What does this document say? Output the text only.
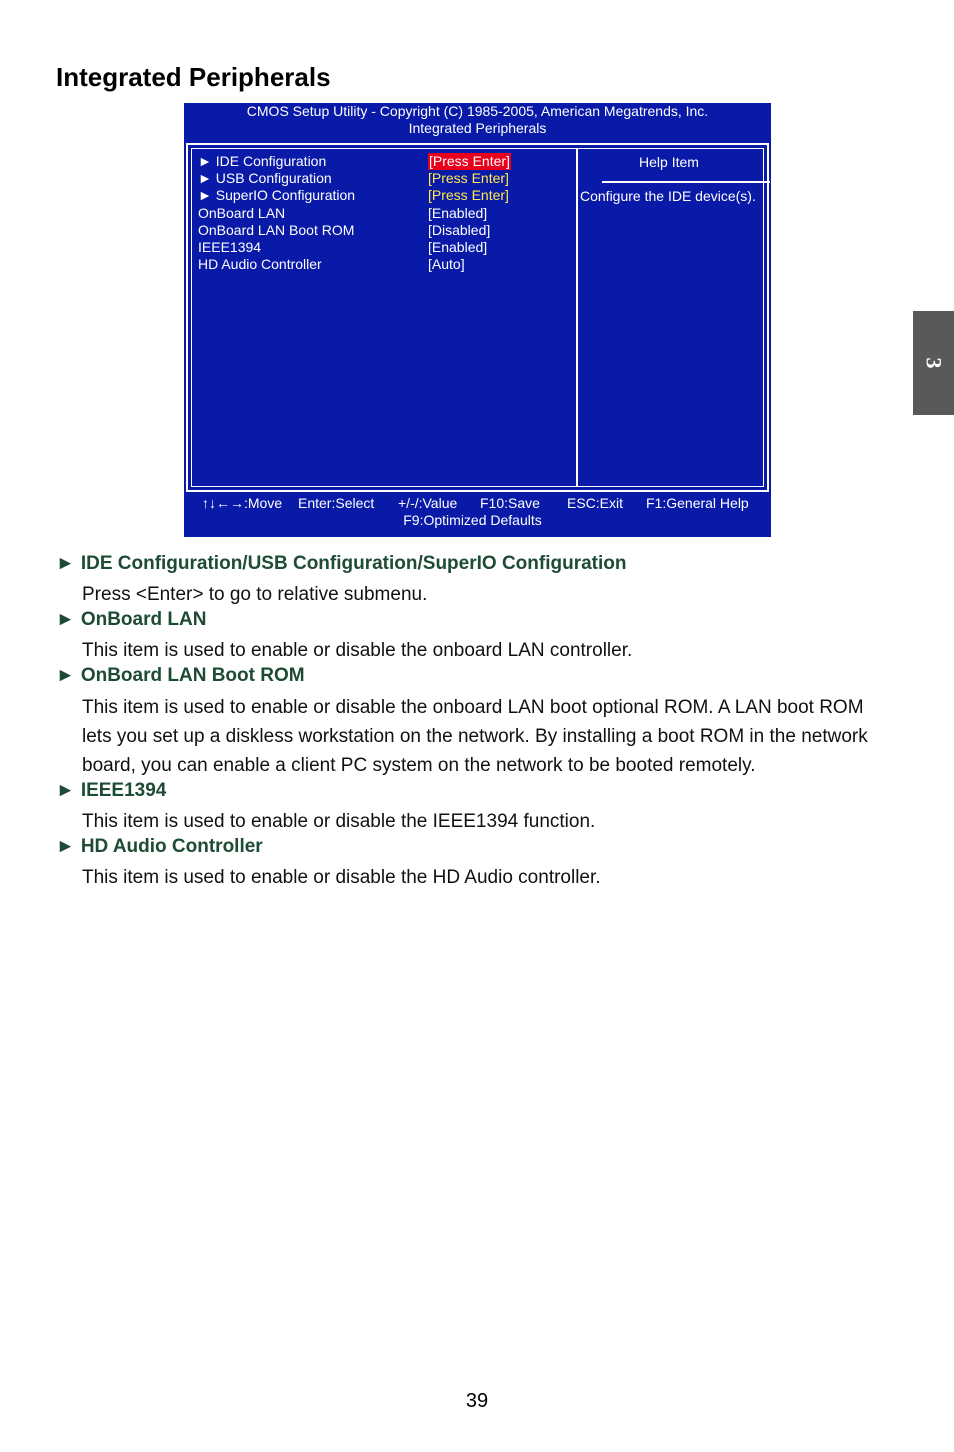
Integrated Peripherals
3
CMOS Setup Utility - Copyright (C) 1985-2005, American Megatrends, Inc.
Integrated Peripherals
► IDE Configuration	[Press Enter]
► USB Configuration	[Press Enter]
► SuperIO Configuration	[Press Enter]
OnBoard LAN	[Enabled]
OnBoard LAN Boot ROM	[Disabled]
IEEE1394	[Enabled]
HD Audio Controller	[Auto]
Help Item
Configure the IDE device(s).
↑↓←→:Move Enter:Select +/-/:Value F10:Save ESC:Exit F1:General Help
F9:Optimized Defaults
► IDE Configuration/USB Configuration/SuperIO Configuration
Press <Enter> to go to relative submenu.
► OnBoard LAN
This item is used to enable or disable the onboard LAN controller.
► OnBoard LAN Boot ROM
This item is used to enable or disable the onboard LAN boot optional ROM. A LAN boot ROM lets you set up a diskless workstation on the network. By installing a boot ROM in the network board, you can enable a client PC system on the network to be booted remotely.
► IEEE1394
This item is used to enable or disable the IEEE1394 function.
► HD Audio Controller
This item is used to enable or disable the HD Audio controller.
39
